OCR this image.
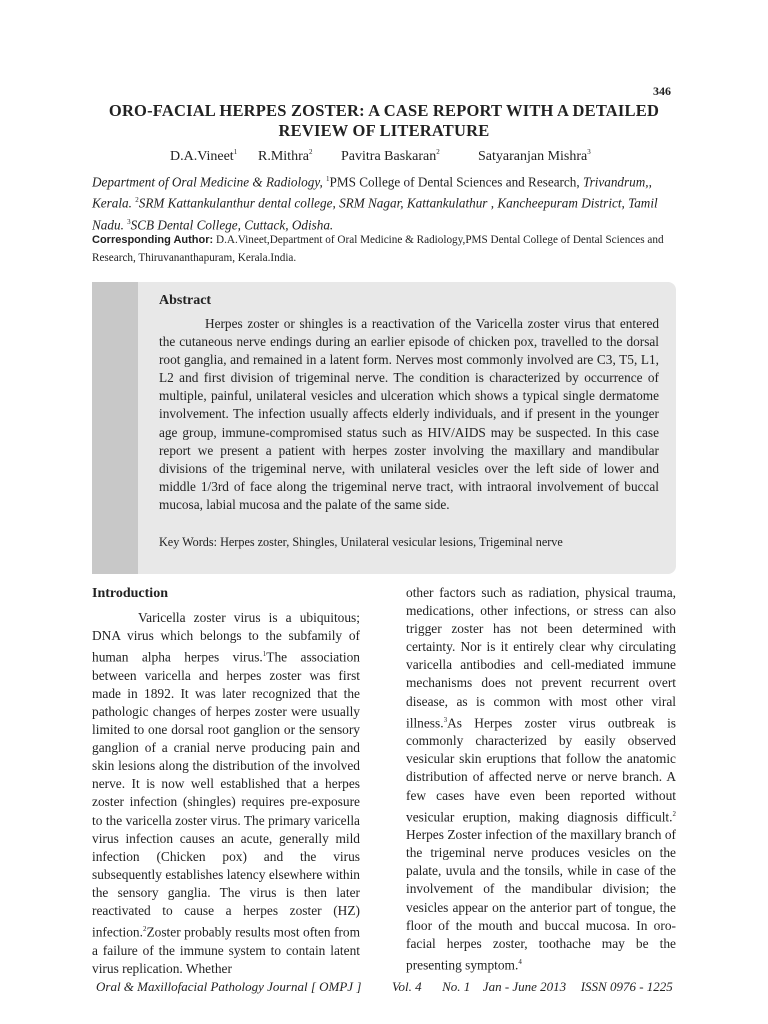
346
ORO-FACIAL HERPES ZOSTER: A CASE REPORT WITH A DETAILED REVIEW OF LITERATURE
D.A.Vineet$^1$ R.Mithra$^2$ Pavitra Baskaran$^2$	Satyaranjan Mishra$^3$
Department of Oral Medicine & Radiology, $^1$PMS College of Dental Sciences and Research, Trivandrum,, Kerala. $^2$SRM Kattankulanthur dental college, SRM Nagar, Kattankulathur , Kancheepuram District, Tamil Nadu. $^3$SCB Dental College, Cuttack, Odisha.
Corresponding Author: D.A.Vineet,Department of Oral Medicine & Radiology,PMS Dental College of Dental Sciences and Research, Thiruvananthapuram, Kerala.India.
Abstract
Herpes zoster or shingles is a reactivation of the Varicella zoster virus that entered the cutaneous nerve endings during an earlier episode of chicken pox, travelled to the dorsal root ganglia, and remained in a latent form. Nerves most commonly involved are C3, T5, L1, L2 and first division of trigeminal nerve. The condition is characterized by occurrence of multiple, painful, unilateral vesicles and ulceration which shows a typical single dermatome involvement. The infection usually affects elderly individuals, and if present in the younger age group, immune-compromised status such as HIV/AIDS may be suspected. In this case report we present a patient with herpes zoster involving the maxillary and mandibular divisions of the trigeminal nerve, with unilateral vesicles over the left side of lower and middle 1/3rd of face along the trigeminal nerve tract, with intraoral involvement of buccal mucosa, labial mucosa and the palate of the same side.
Key Words: Herpes zoster, Shingles, Unilateral vesicular lesions, Trigeminal nerve
Introduction
Varicella zoster virus is a ubiquitous; DNA virus which belongs to the subfamily of human alpha herpes virus.$^1$The association between varicella and herpes zoster was first made in 1892. It was later recognized that the pathologic changes of herpes zoster were usually limited to one dorsal root ganglion or the sensory ganglion of a cranial nerve producing pain and skin lesions along the distribution of the involved nerve. It is now well established that a herpes zoster infection (shingles) requires pre-exposure to the varicella zoster virus. The primary varicella virus infection causes an acute, generally mild infection (Chicken pox) and the virus subsequently establishes latency elsewhere within the sensory ganglia. The virus is then later reactivated to cause a herpes zoster (HZ) infection.$^2$Zoster probably results most often from a failure of the immune system to contain latent virus replication. Whether
other factors such as radiation, physical trauma, medications, other infections, or stress can also trigger zoster has not been determined with certainty. Nor is it entirely clear why circulating varicella antibodies and cell-mediated immune mechanisms does not prevent recurrent overt disease, as is common with most other viral illness.$^3$As Herpes zoster virus outbreak is commonly characterized by easily observed vesicular skin eruptions that follow the anatomic distribution of affected nerve or nerve branch. A few cases have even been reported without vesicular eruption, making diagnosis difficult.$^2$ Herpes Zoster infection of the maxillary branch of the trigeminal nerve produces vesicles on the palate, uvula and the tonsils, while in case of the involvement of the mandibular division; the vesicles appear on the anterior part of tongue, the floor of the mouth and buccal mucosa. In oro-facial herpes zoster, toothache may be the presenting symptom.$^4$
Oral & Maxillofacial Pathology Journal [ OMPJ ] Vol. 4 No. 1 Jan - June 2013 ISSN 0976 - 1225
